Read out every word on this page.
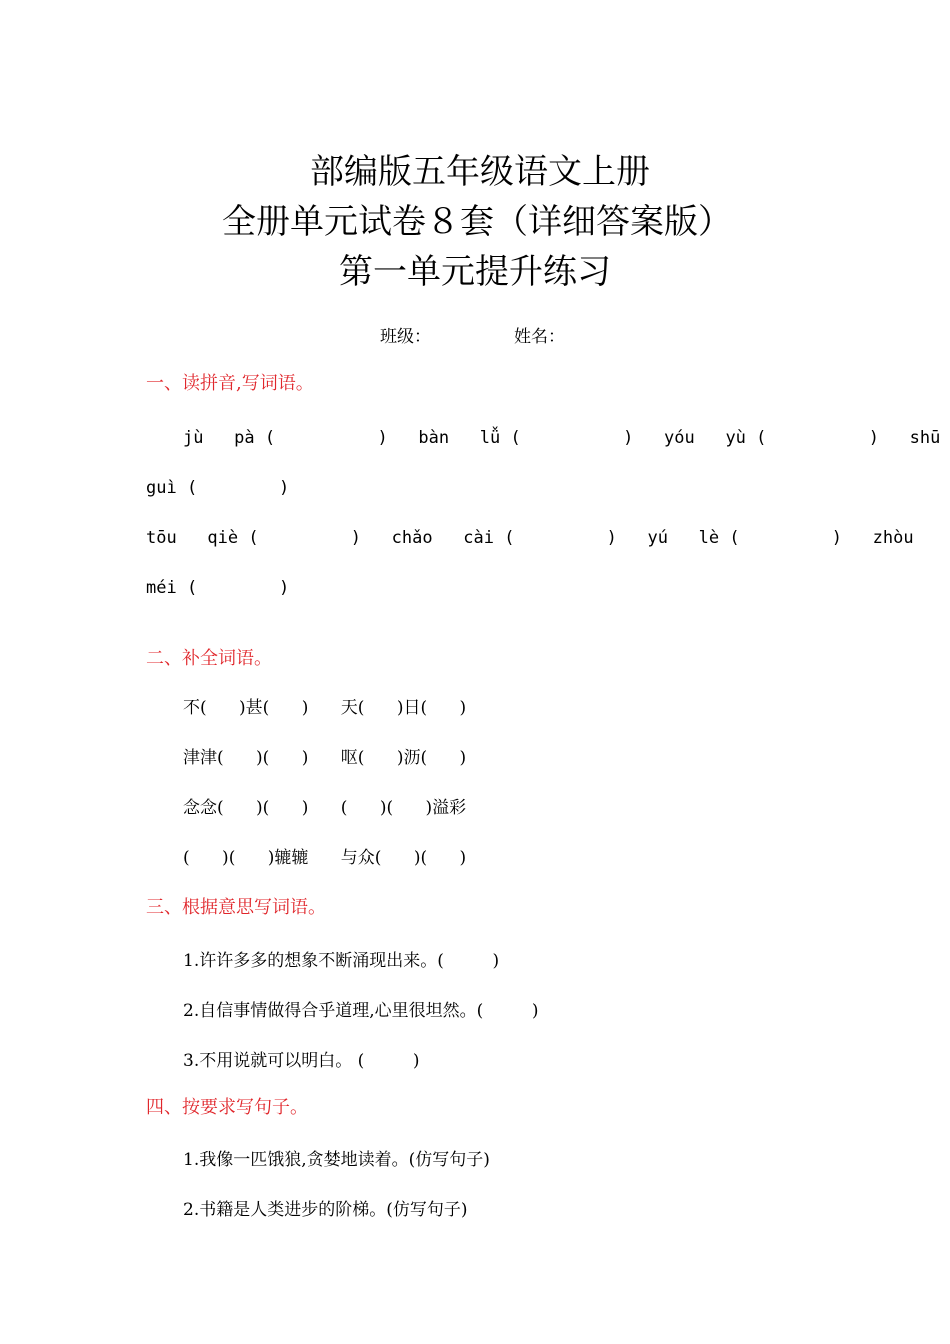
部编版五年级语文上册
全册单元试卷８套（详细答案版）
第一单元提升练习
班级：	姓名：
一、读拼音,写词语。
jù   pà (          )   bàn   lǚ (          )   yóu   yù (          )   shū
guì (        )
tōu   qiè (         )   chǎo   cài (         )   yú   lè (         )   zhòu
méi (        )
二、补全词语。
不(      )甚(      )      天(      )日(      )
津津(      )(      )      呕(      )沥(      )
念念(      )(      )      (      )(      )溢彩
(      )(      )辘辘      与众(      )(      )
三、根据意思写词语。
1.许许多多的想象不断涌现出来。(         )
2.自信事情做得合乎道理,心里很坦然。(         )
3.不用说就可以明白。 (         )
四、按要求写句子。
1.我像一匹饿狼,贪婪地读着。(仿写句子)
2.书籍是人类进步的阶梯。(仿写句子)
